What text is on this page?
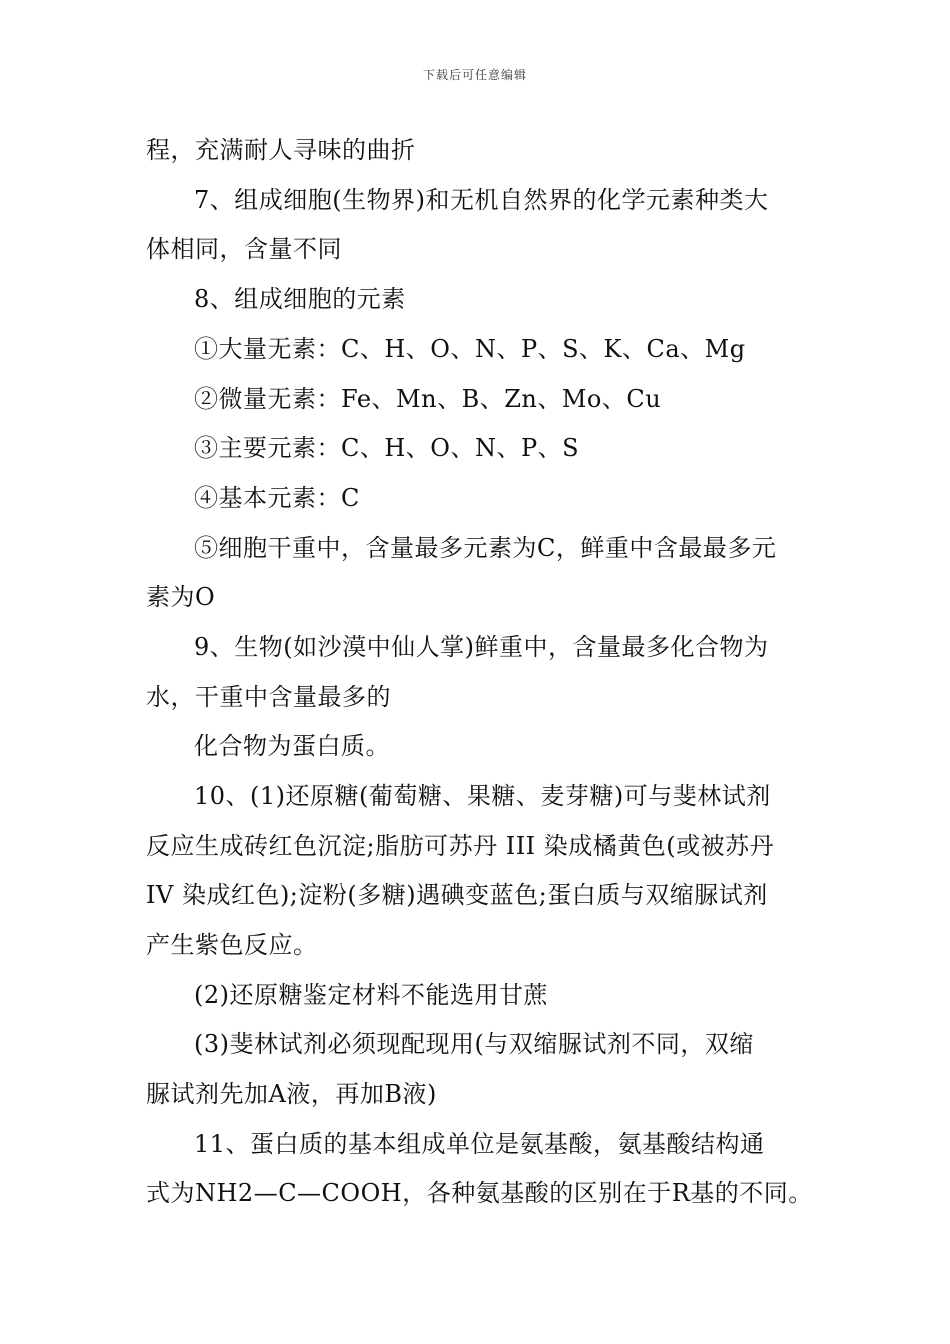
下载后可任意编辑
程，充满耐人寻味的曲折
7、组成细胞(生物界)和无机自然界的化学元素种类大
体相同，含量不同
8、组成细胞的元素
①大量无素：C、H、O、N、P、S、K、Ca、Mg
②微量无素：Fe、Mn、B、Zn、Mo、Cu
③主要元素：C、H、O、N、P、S
④基本元素：C
⑤细胞干重中，含量最多元素为C，鲜重中含最最多元
素为O
9、生物(如沙漠中仙人掌)鲜重中，含量最多化合物为
水，干重中含量最多的
化合物为蛋白质。
10、(1)还原糖(葡萄糖、果糖、麦芽糖)可与斐林试剂
反应生成砖红色沉淀;脂肪可苏丹 III 染成橘黄色(或被苏丹
IV 染成红色);淀粉(多糖)遇碘变蓝色;蛋白质与双缩脲试剂
产生紫色反应。
(2)还原糖鉴定材料不能选用甘蔗
(3)斐林试剂必须现配现用(与双缩脲试剂不同，双缩
脲试剂先加A液，再加B液)
11、蛋白质的基本组成单位是氨基酸，氨基酸结构通
式为NH2—C—COOH，各种氨基酸的区别在于R基的不同。
